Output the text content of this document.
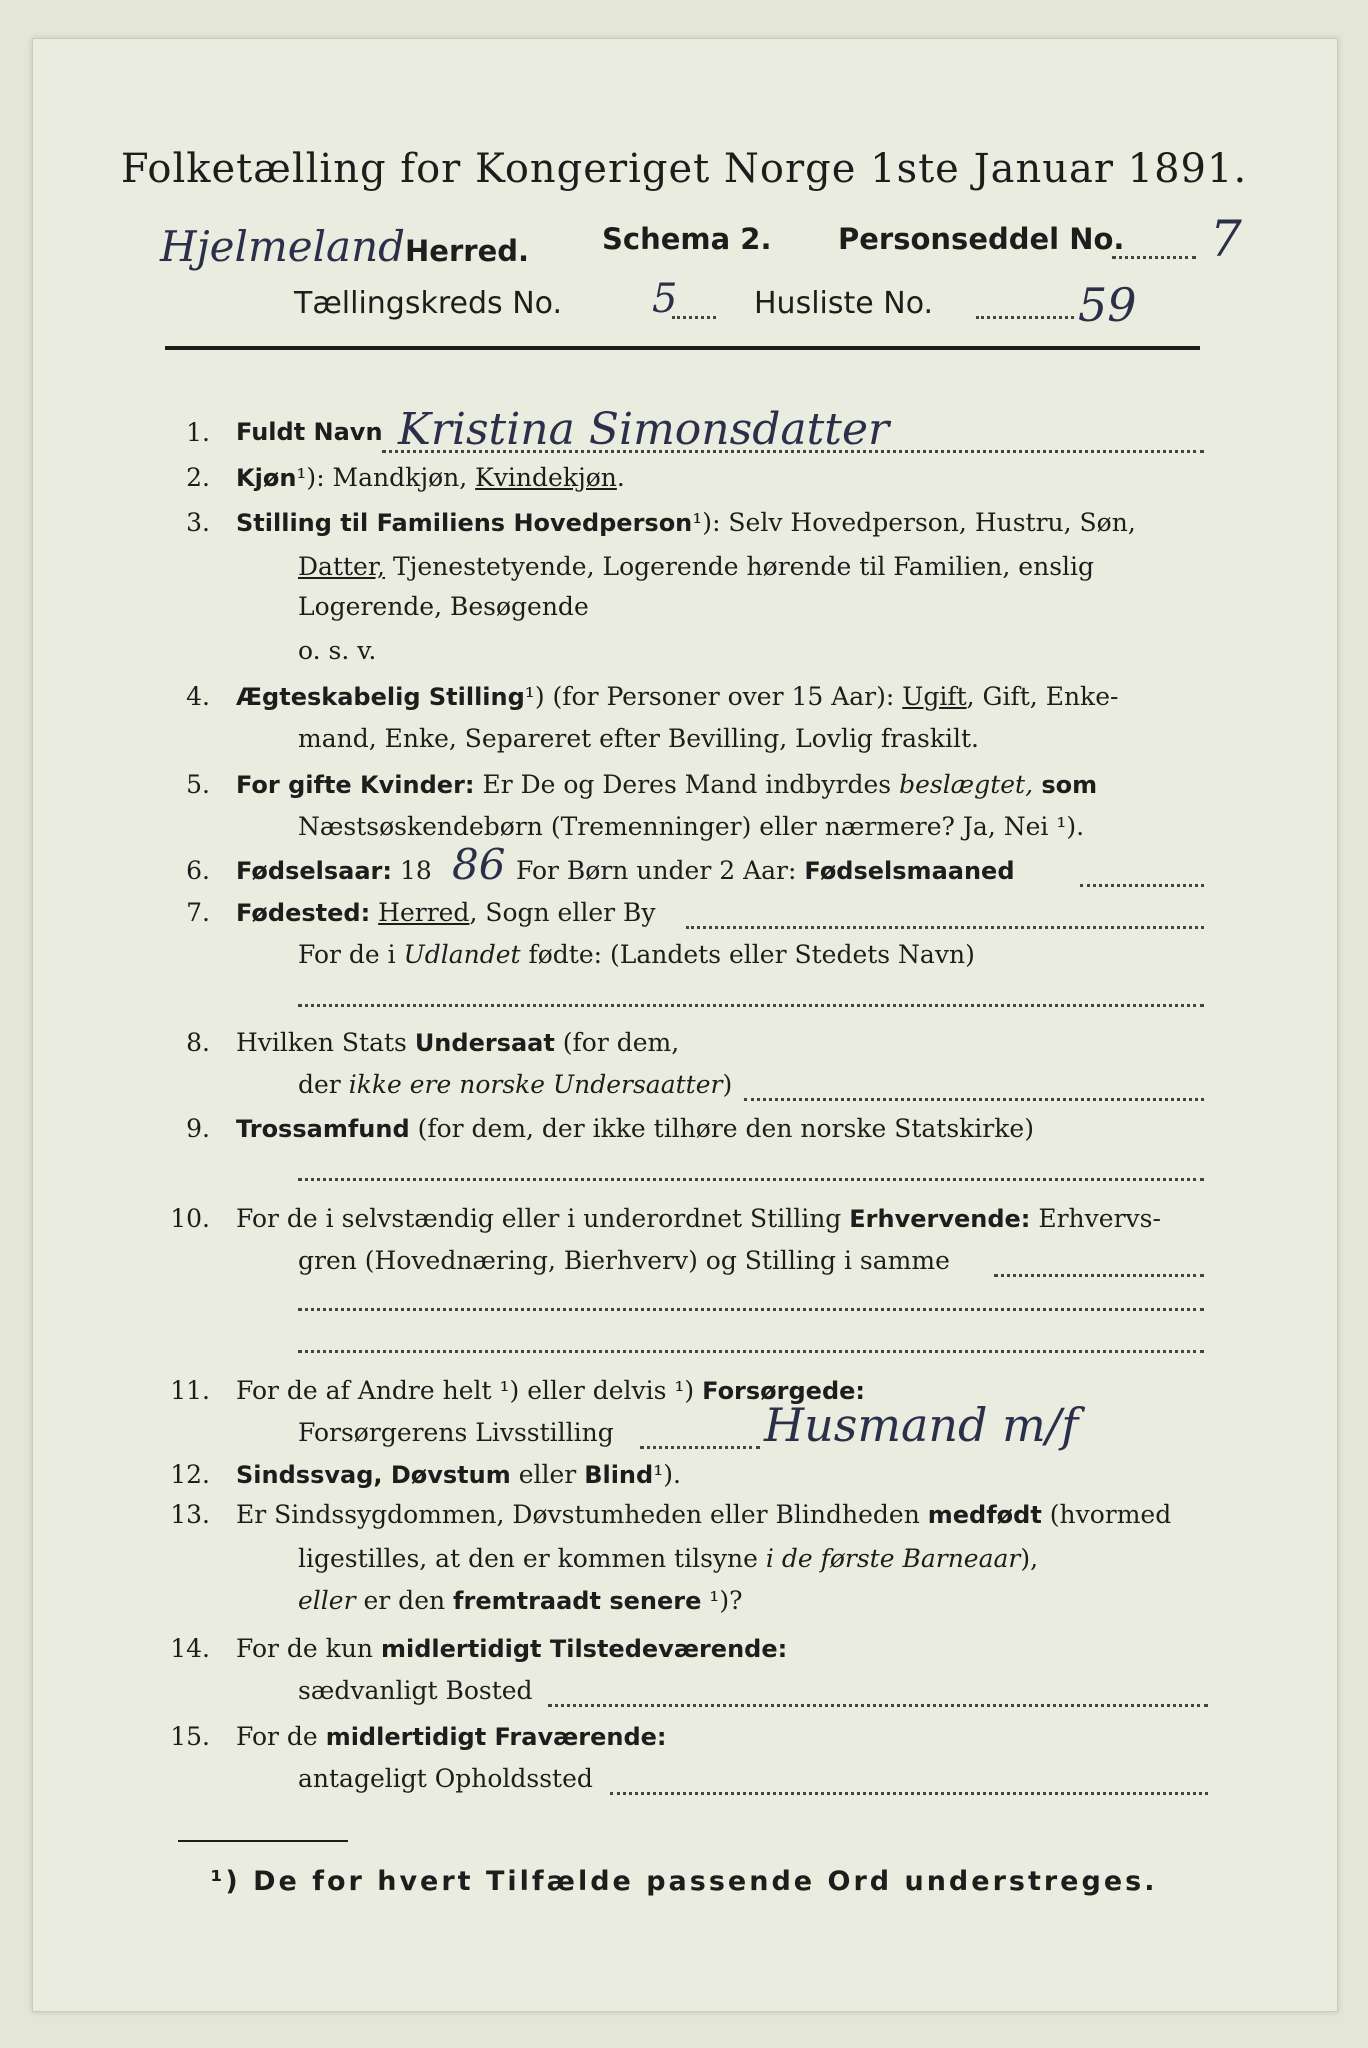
Folketælling for Kongeriget Norge 1ste Januar 1891.
HjelmelandHerred.	Schema 2. Personseddel No. 7
Tællingskreds No. 5	Husliste No.	59
1. Fuldt Navn Kristina Simonsdatter
2. Kjøn¹): Mandkjøn, Kvindekjøn.
3. Stilling til Familiens Hovedperson¹): Selv Hovedperson, Hustru, Søn,
Datter, Tjenestetyende, Logerende hørende til Familien, enslig
Logerende, Besøgende
o. s. v.
4. Ægteskabelig Stilling¹) (for Personer over 15 Aar): Ugift, Gift, Enke-
mand, Enke, Separeret efter Bevilling, Lovlig fraskilt.
5. For gifte Kvinder: Er De og Deres Mand indbyrdes beslægtet, som
Næstsøskendebørn (Tremenninger) eller nærmere? Ja, Nei ¹).
6. Fødselsaar: 18	For Børn under 2 Aar: Fødselsmaaned
86
7. Fødested: Herred, Sogn eller By
For de i Udlandet fødte: (Landets eller Stedets Navn)
8. Hvilken Stats Undersaat (for dem,
der ikke ere norske Undersaatter)
9. Trossamfund (for dem, der ikke tilhøre den norske Statskirke)
10. For de i selvstændig eller i underordnet Stilling Erhvervende: Erhvervs-
gren (Hovednæring, Bierhverv) og Stilling i samme
11. For de af Andre helt ¹) eller delvis ¹) Forsørgede:
Forsørgerens Livsstilling	Husmand m/f
12. Sindssvag, Døvstum eller Blind¹).
13. Er Sindssygdommen, Døvstumheden eller Blindheden medfødt (hvormed
ligestilles, at den er kommen tilsyne i de første Barneaar),
eller er den fremtraadt senere ¹)?
14. For de kun midlertidigt Tilstedeværende:
sædvanligt Bosted
15. For de midlertidigt Fraværende:
antageligt Opholdssted
¹) De for hvert Tilfælde passende Ord understreges.
